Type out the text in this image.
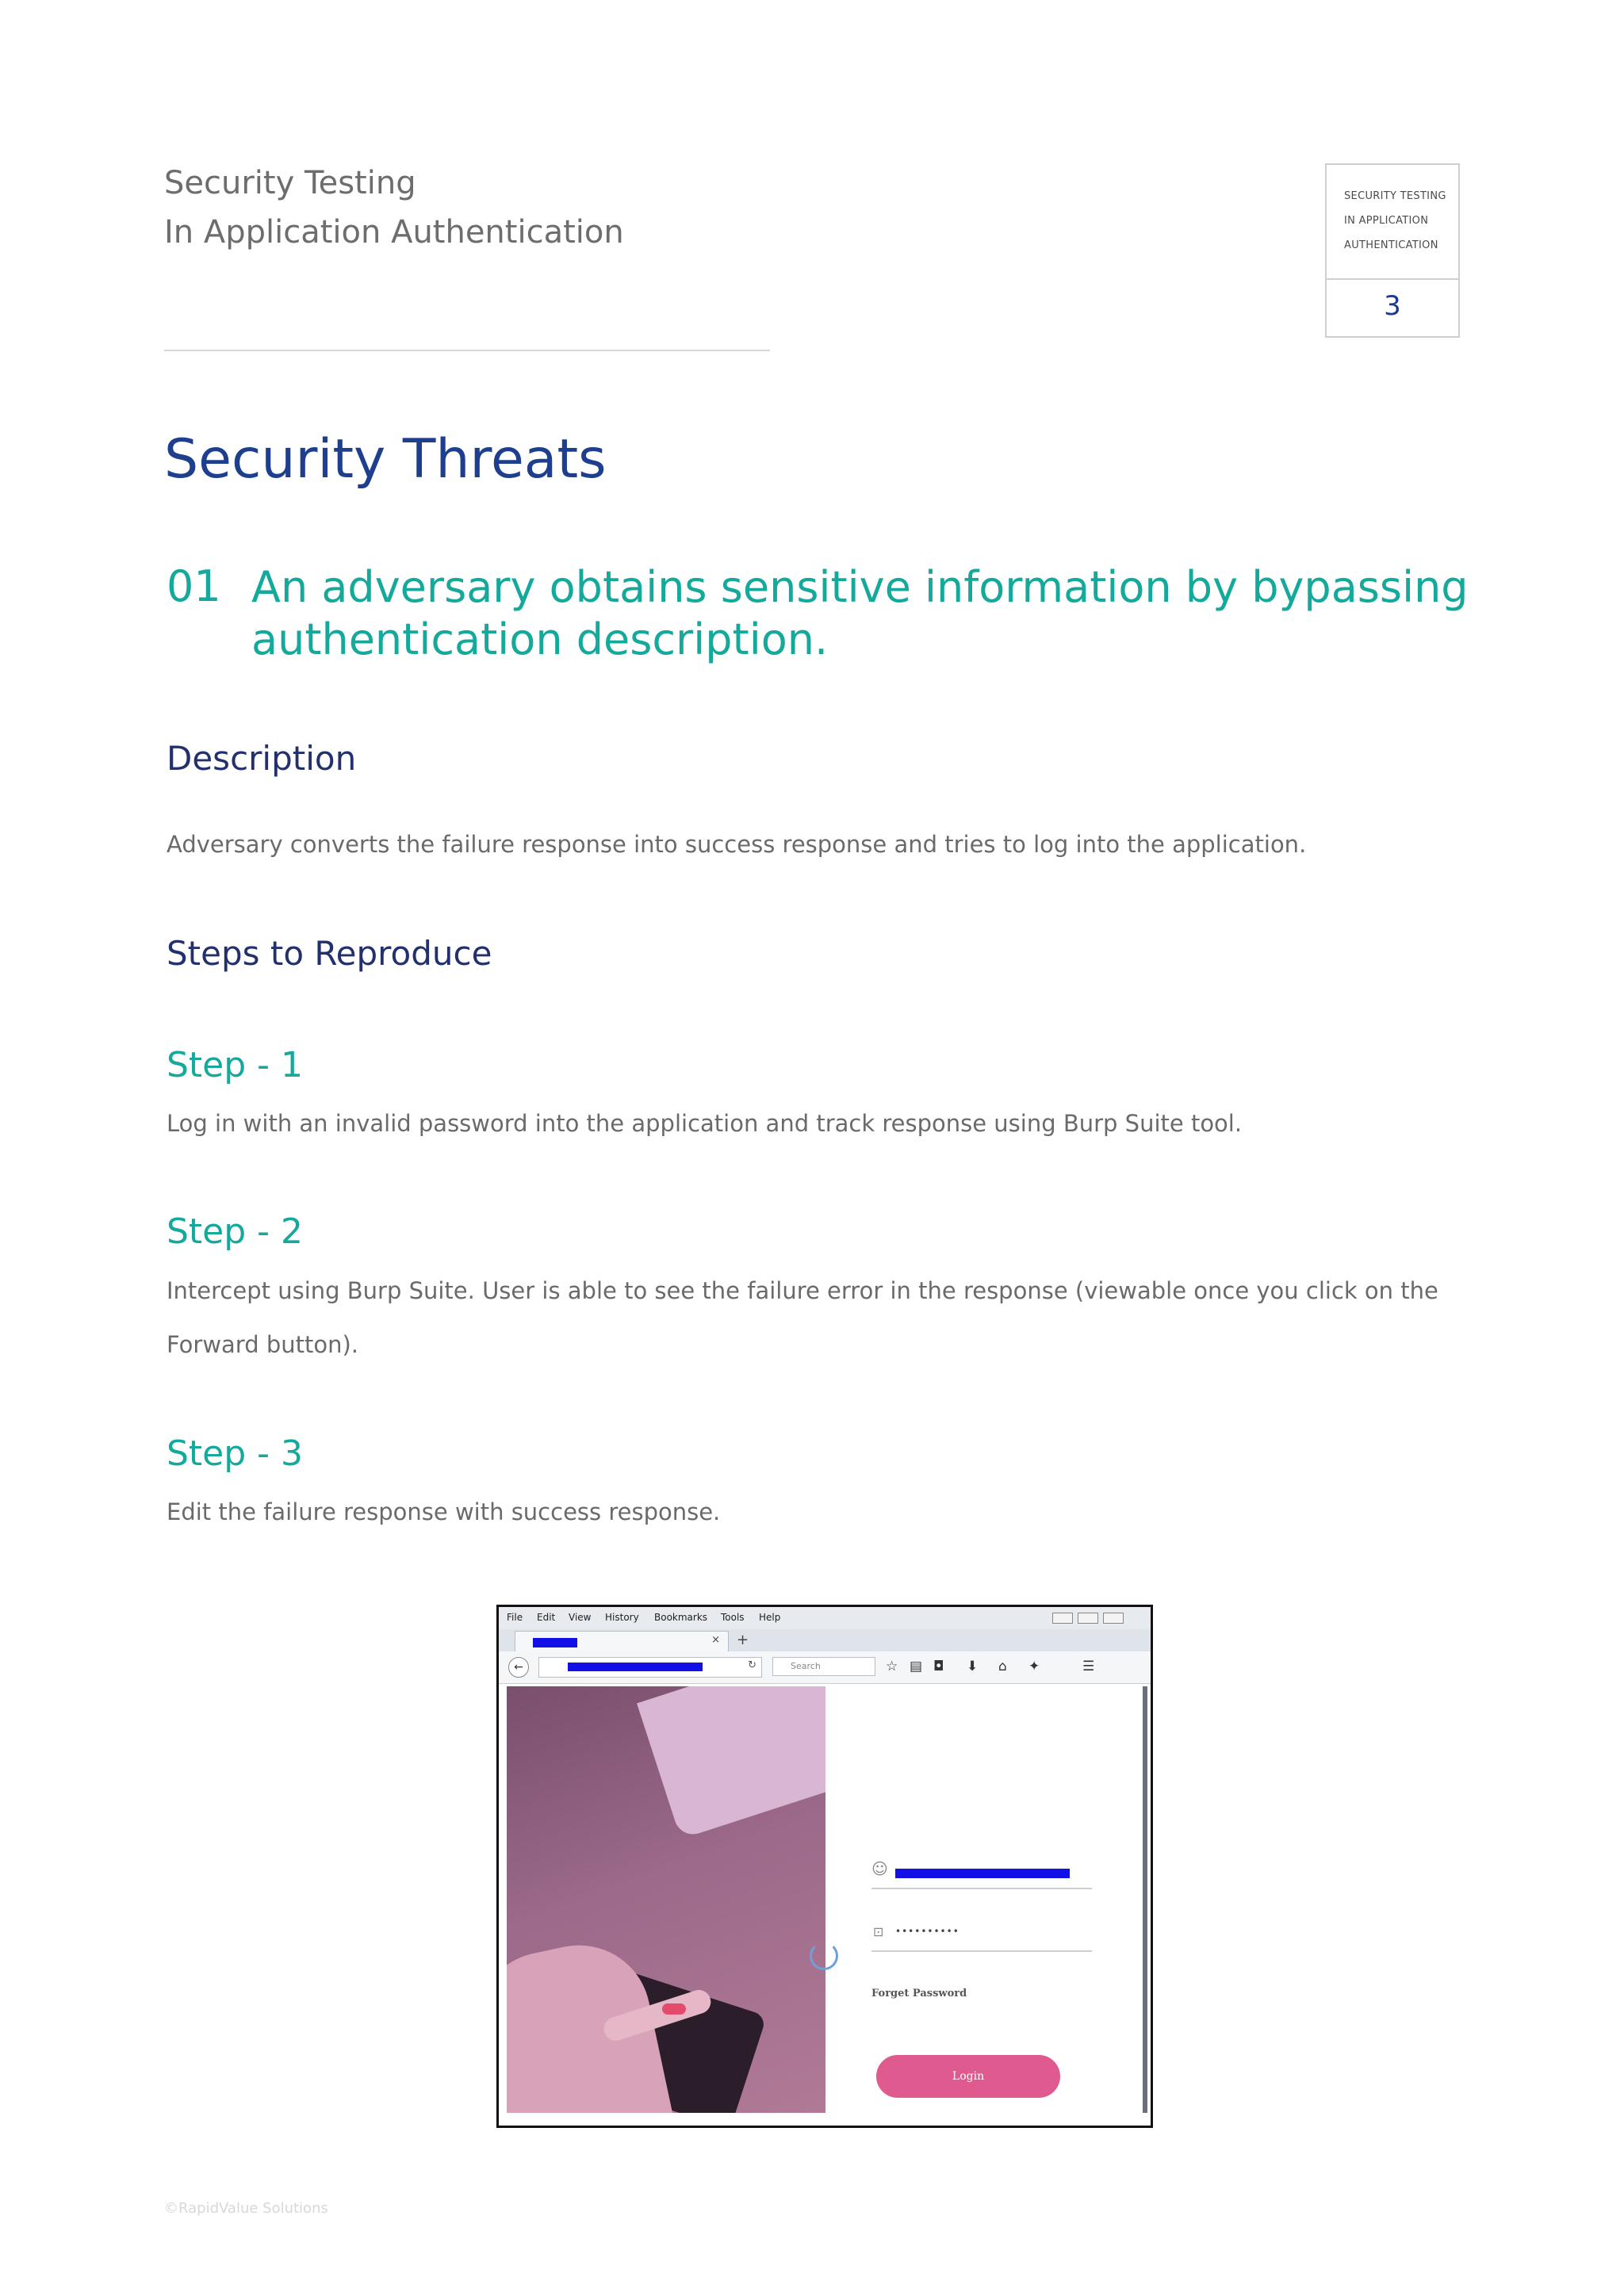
Security Testing
In Application Authentication
SECURITY TESTING
IN APPLICATION
AUTHENTICATION
3
Security Threats
01 An adversary obtains sensitive information by bypassing authentication description.
Description
Adversary converts the failure response into success response and tries to log into the application.
Steps to Reproduce
Step - 1
Log in with an invalid password into the application and track response using Burp Suite tool.
Step - 2
Intercept using Burp Suite. User is able to see the failure error in the response (viewable once you click on the Forward button).
Step - 3
Edit the failure response with success response.
File Edit View History Bookmarks Tools Help
× +
←	↻	Search	☆ ▤ ◘ ⬇ ⌂ ✦	☰
☺
⊡ ••••••••••
Forget Password
Login
©RapidValue Solutions
